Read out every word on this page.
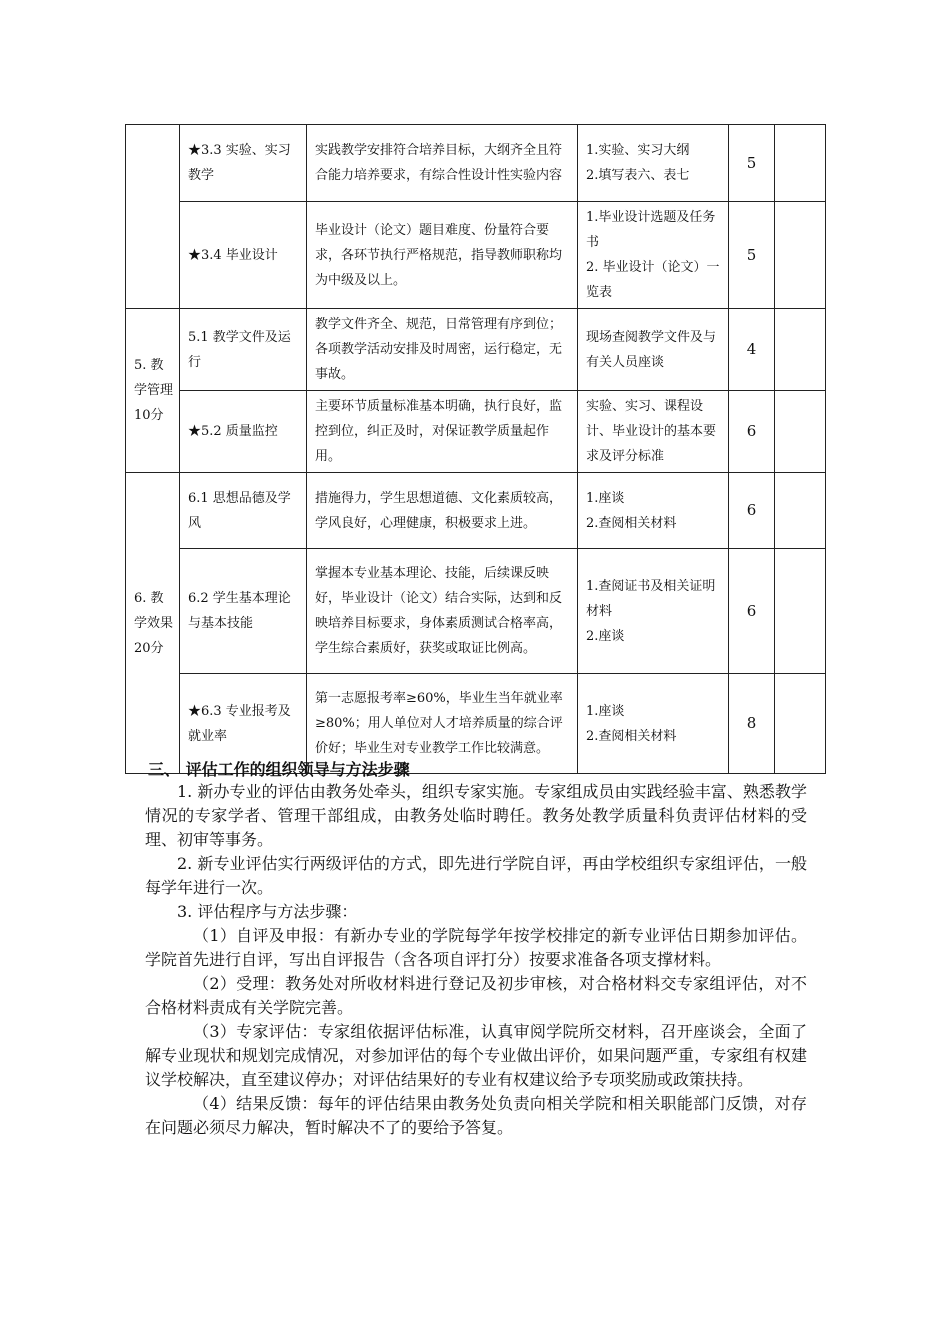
	★3.3 实验、实习教学	实践教学安排符合培养目标，大纲齐全且符合能力培养要求，有综合性设计性实验内容	1.实验、实习大纲
2.填写表六、表七	5	
	★3.4 毕业设计	毕业设计（论文）题目难度、份量符合要求，各环节执行严格规范，指导教师职称均为中级及以上。	1.毕业设计选题及任务书
2. 毕业设计（论文）一览表	5	
5. 教学管理
10分	5.1 教学文件及运行	教学文件齐全、规范，日常管理有序到位；各项教学活动安排及时周密，运行稳定，无事故。	现场查阅教学文件及与有关人员座谈	4	
	★5.2 质量监控	主要环节质量标准基本明确，执行良好，监控到位，纠正及时，对保证教学质量起作用。	实验、实习、课程设计、毕业设计的基本要求及评分标准	6	
6. 教学效果
20分	6.1 思想品德及学风	措施得力，学生思想道德、文化素质较高，学风良好，心理健康，积极要求上进。	1.座谈
2.查阅相关材料	6	
	6.2 学生基本理论与基本技能	掌握本专业基本理论、技能，后续课反映好，毕业设计（论文）结合实际，达到和反映培养目标要求，身体素质测试合格率高，学生综合素质好，获奖或取证比例高。	1.查阅证书及相关证明材料
2.座谈	6	
	★6.3 专业报考及就业率	第一志愿报考率≥60%，毕业生当年就业率≥80%；用人单位对人才培养质量的综合评价好；毕业生对专业教学工作比较满意。	1.座谈
2.查阅相关材料	8	
三、 评估工作的组织领导与方法步骤

1. 新办专业的评估由教务处牵头，组织专家实施。专家组成员由实践经验丰富、熟悉教学情况的专家学者、管理干部组成，由教务处临时聘任。教务处教学质量科负责评估材料的受理、初审等事务。

2. 新专业评估实行两级评估的方式，即先进行学院自评，再由学校组织专家组评估，一般每学年进行一次。

3. 评估程序与方法步骤：

（1）自评及申报：有新办专业的学院每学年按学校排定的新专业评估日期参加评估。学院首先进行自评，写出自评报告（含各项自评打分）按要求准备各项支撑材料。

（2）受理：教务处对所收材料进行登记及初步审核，对合格材料交专家组评估，对不合格材料责成有关学院完善。

（3）专家评估：专家组依据评估标准，认真审阅学院所交材料，召开座谈会，全面了解专业现状和规划完成情况，对参加评估的每个专业做出评价，如果问题严重，专家组有权建议学校解决，直至建议停办；对评估结果好的专业有权建议给予专项奖励或政策扶持。

（4）结果反馈：每年的评估结果由教务处负责向相关学院和相关职能部门反馈，对存在问题必须尽力解决，暂时解决不了的要给予答复。
